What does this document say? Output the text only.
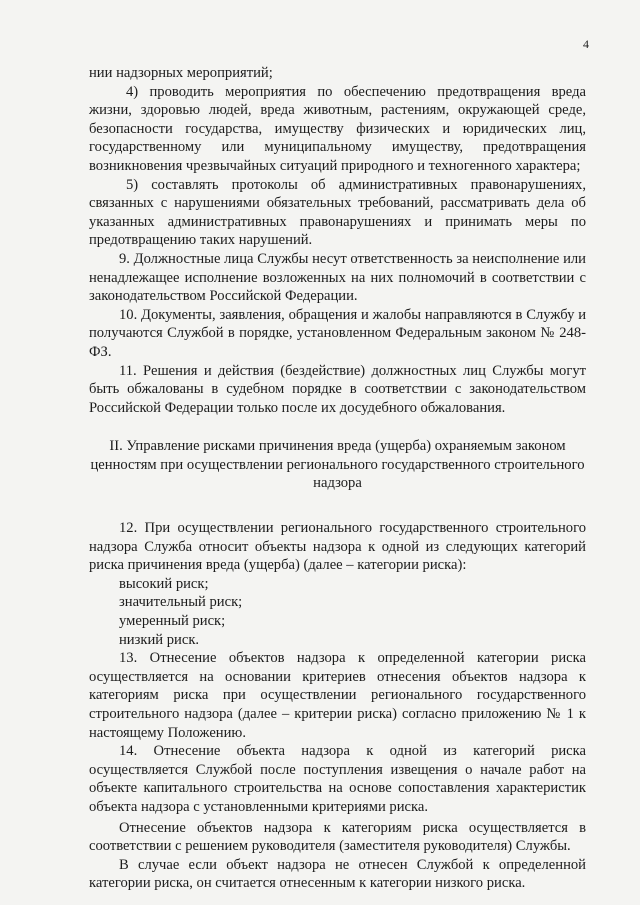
4

нии надзорных мероприятий;

4) проводить мероприятия по обеспечению предотвращения вреда жизни, здоровью людей, вреда животным, растениям, окружающей среде, безопасности государства, имуществу физических и юридических лиц, государственному или муниципальному имуществу, предотвращения возникновения чрезвычайных ситуаций природного и техногенного характера;

5) составлять протоколы об административных правонарушениях, связанных с нарушениями обязательных требований, рассматривать дела об указанных административных правонарушениях и принимать меры по предотвращению таких нарушений.

9. Должностные лица Службы несут ответственность за неисполнение или ненадлежащее исполнение возложенных на них полномочий в соответствии с законодательством Российской Федерации.

10. Документы, заявления, обращения и жалобы направляются в Службу и получаются Службой в порядке, установленном Федеральным законом № 248-ФЗ.

11. Решения и действия (бездействие) должностных лиц Службы могут быть обжалованы в судебном порядке в соответствии с законодательством Российской Федерации только после их досудебного обжалования.

II. Управление рисками причинения вреда (ущерба) охраняемым законом ценностям при осуществлении регионального государственного строительного надзора

12. При осуществлении регионального государственного строительного надзора Служба относит объекты надзора к одной из следующих категорий риска причинения вреда (ущерба) (далее – категории риска):

высокий риск;

значительный риск;

умеренный риск;

низкий риск.

13. Отнесение объектов надзора к определенной категории риска осуществляется на основании критериев отнесения объектов надзора к категориям риска при осуществлении регионального государственного строительного надзора (далее – критерии риска) согласно приложению № 1 к настоящему Положению.

14. Отнесение объекта надзора к одной из категорий риска осуществляется Службой после поступления извещения о начале работ на объекте капитального строительства на основе сопоставления характеристик объекта надзора с установленными критериями риска.

Отнесение объектов надзора к категориям риска осуществляется в соответствии с решением руководителя (заместителя руководителя) Службы.

В случае если объект надзора не отнесен Службой к определенной категории риска, он считается отнесенным к категории низкого риска.
